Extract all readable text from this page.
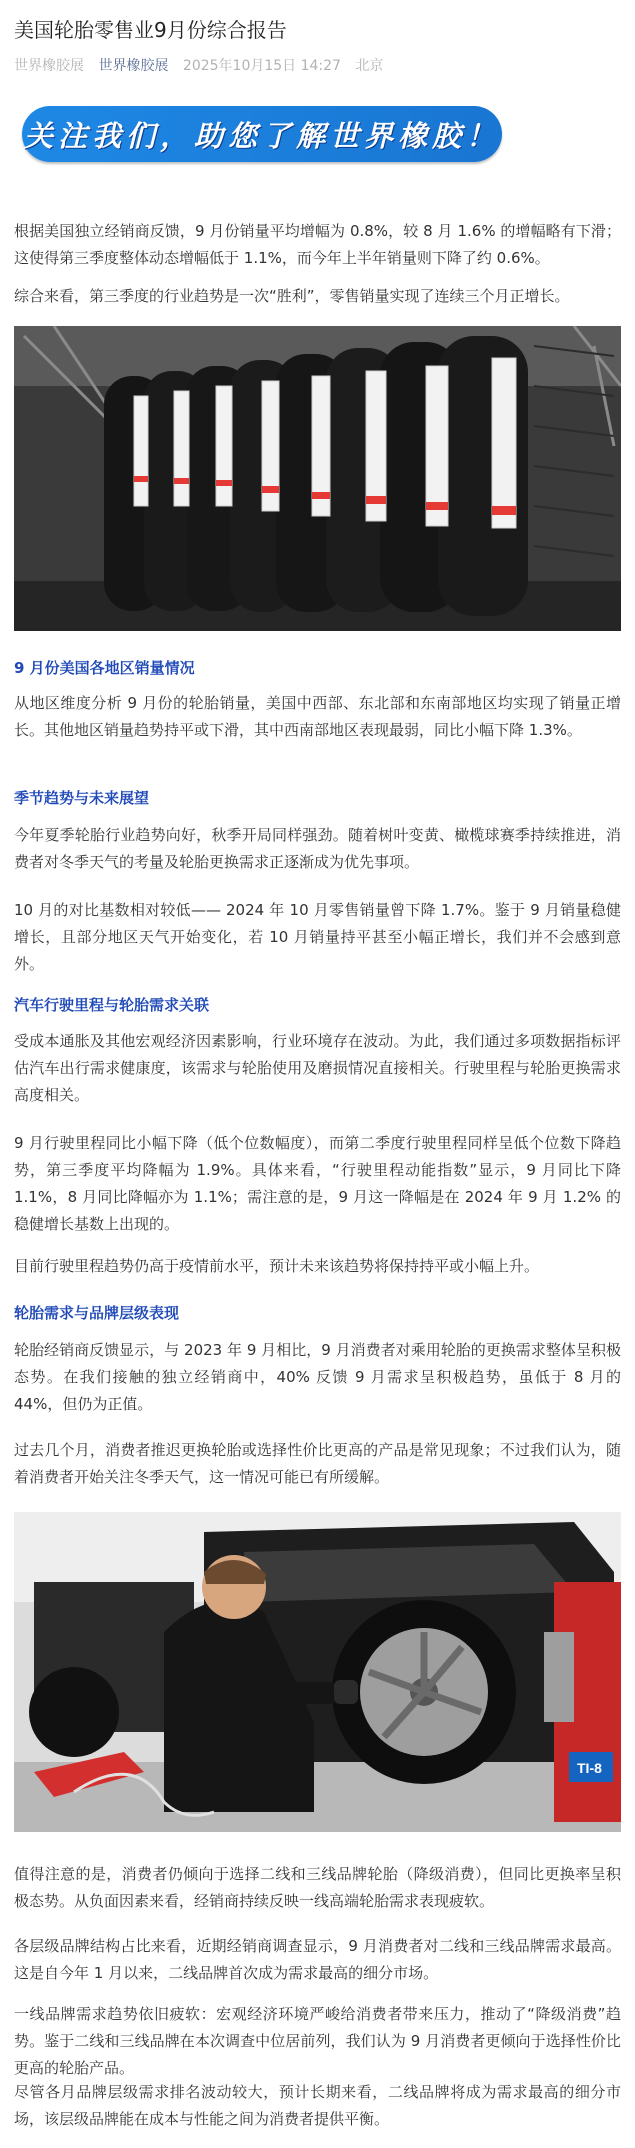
美国轮胎零售业9月份综合报告
世界橡胶展 世界橡胶展 2025年10月15日 14:27 北京
关注我们，助您了解世界橡胶！

根据美国独立经销商反馈，9 月份销量平均增幅为 0.8%，较 8 月 1.6% 的增幅略有下滑；这使得第三季度整体动态增幅低于 1.1%，而今年上半年销量则下降了约 0.6%。

综合来看，第三季度的行业趋势是一次“胜利”，零售销量实现了连续三个月正增长。

9 月份美国各地区销量情况

从地区维度分析 9 月份的轮胎销量，美国中西部、东北部和东南部地区均实现了销量正增长。其他地区销量趋势持平或下滑，其中西南部地区表现最弱，同比小幅下降 1.3%。

季节趋势与未来展望

今年夏季轮胎行业趋势向好，秋季开局同样强劲。随着树叶变黄、橄榄球赛季持续推进，消费者对冬季天气的考量及轮胎更换需求正逐渐成为优先事项。

10 月的对比基数相对较低—— 2024 年 10 月零售销量曾下降 1.7%。鉴于 9 月销量稳健增长，且部分地区天气开始变化，若 10 月销量持平甚至小幅正增长，我们并不会感到意外。

汽车行驶里程与轮胎需求关联

受成本通胀及其他宏观经济因素影响，行业环境存在波动。为此，我们通过多项数据指标评估汽车出行需求健康度，该需求与轮胎使用及磨损情况直接相关。行驶里程与轮胎更换需求高度相关。

9 月行驶里程同比小幅下降（低个位数幅度），而第二季度行驶里程同样呈低个位数下降趋势，第三季度平均降幅为 1.9%。具体来看，“行驶里程动能指数”显示，9 月同比下降 1.1%，8 月同比降幅亦为 1.1%；需注意的是，9 月这一降幅是在 2024 年 9 月 1.2% 的稳健增长基数上出现的。

目前行驶里程趋势仍高于疫情前水平，预计未来该趋势将保持持平或小幅上升。

轮胎需求与品牌层级表现

轮胎经销商反馈显示，与 2023 年 9 月相比，9 月消费者对乘用轮胎的更换需求整体呈积极态势。在我们接触的独立经销商中，40% 反馈 9 月需求呈积极趋势，虽低于 8 月的 44%，但仍为正值。

过去几个月，消费者推迟更换轮胎或选择性价比更高的产品是常见现象；不过我们认为，随着消费者开始关注冬季天气，这一情况可能已有所缓解。

TI-8

值得注意的是，消费者仍倾向于选择二线和三线品牌轮胎（降级消费），但同比更换率呈积极态势。从负面因素来看，经销商持续反映一线高端轮胎需求表现疲软。

各层级品牌结构占比来看，近期经销商调查显示，9 月消费者对二线和三线品牌需求最高。这是自今年 1 月以来，二线品牌首次成为需求最高的细分市场。

一线品牌需求趋势依旧疲软：宏观经济环境严峻给消费者带来压力，推动了“降级消费”趋势。鉴于二线和三线品牌在本次调查中位居前列，我们认为 9 月消费者更倾向于选择性价比更高的轮胎产品。

尽管各月品牌层级需求排名波动较大，预计长期来看，二线品牌将成为需求最高的细分市场，该层级品牌能在成本与性能之间为消费者提供平衡。
